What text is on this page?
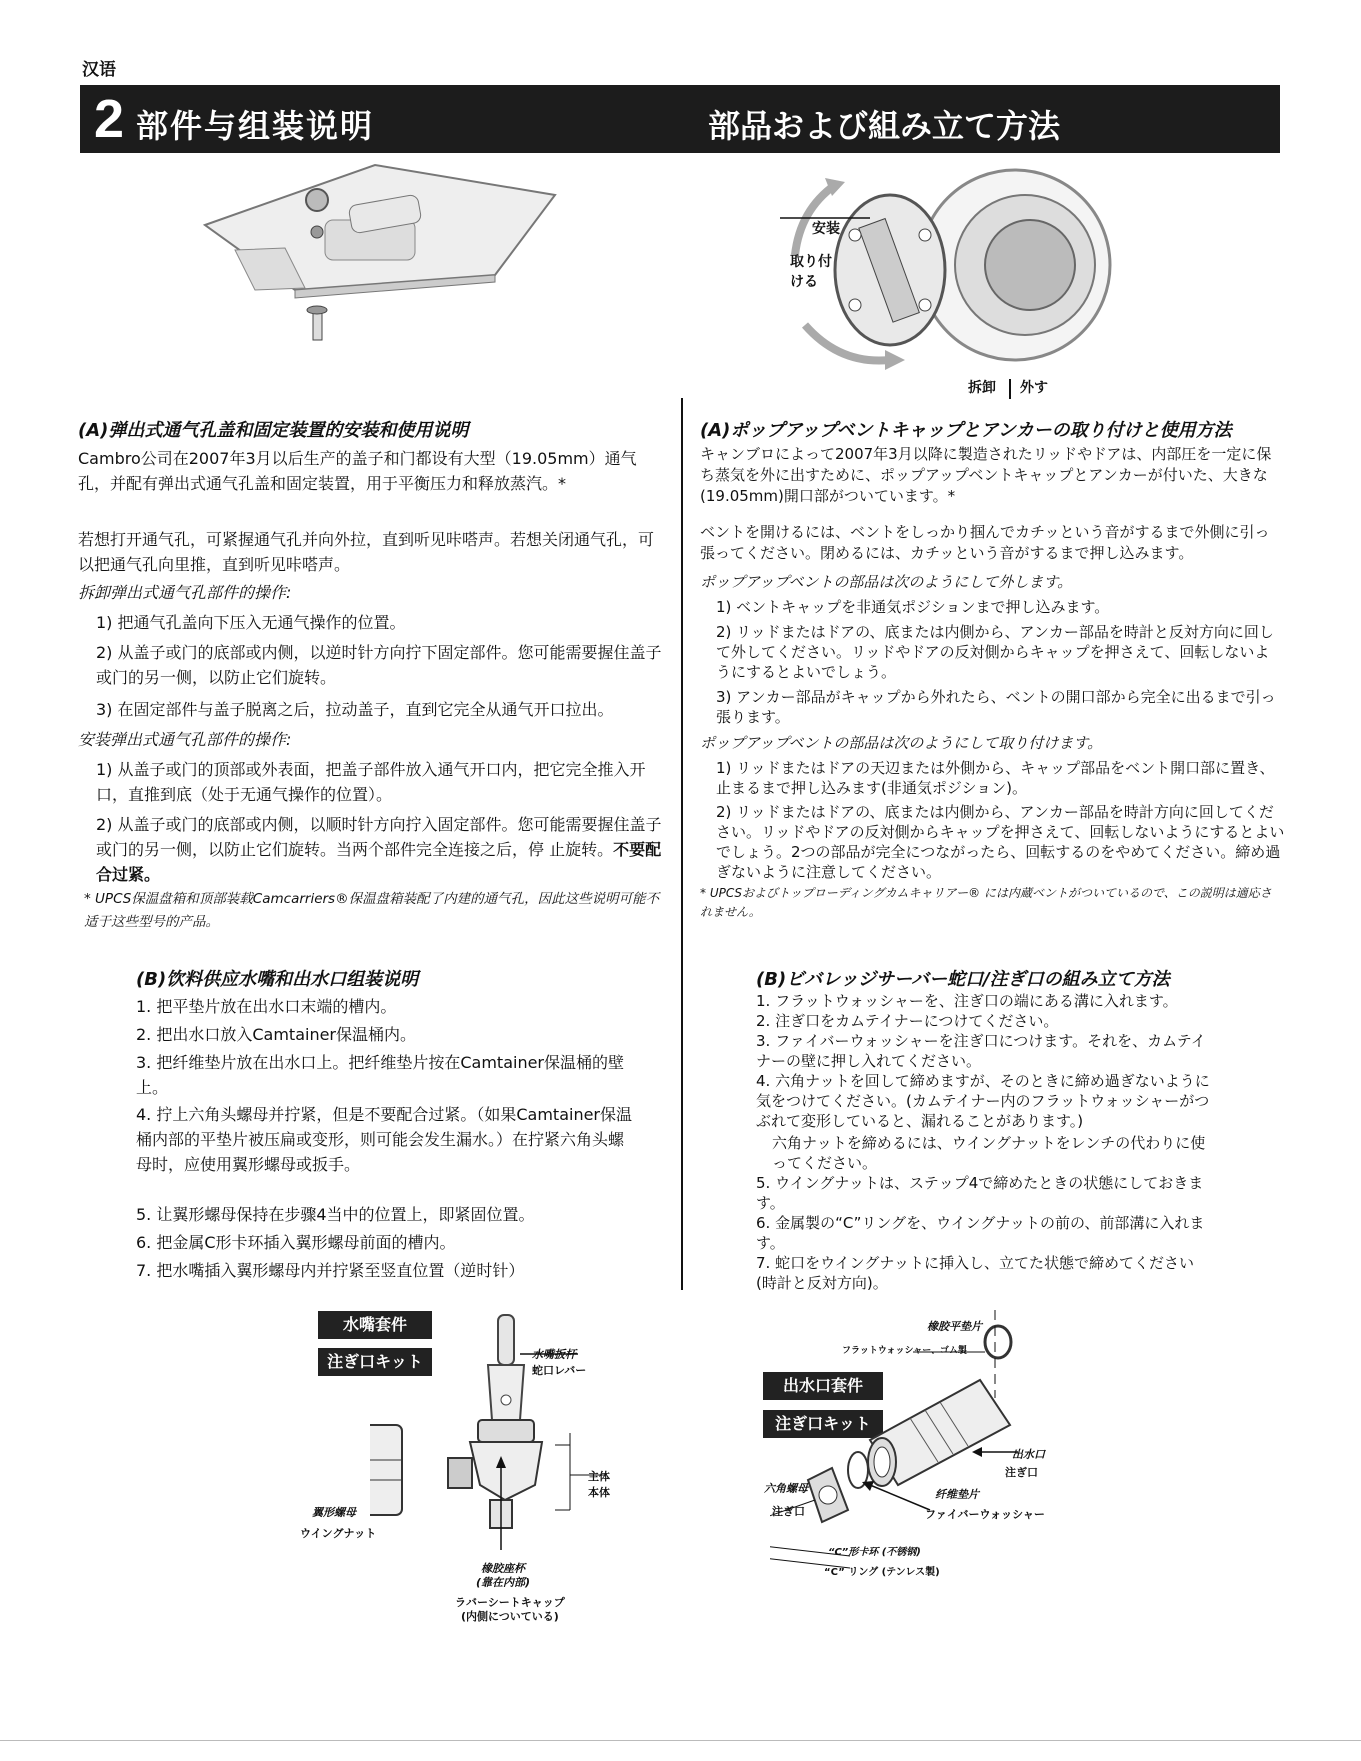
汉语
2 部件与组装说明	部品および組み立て方法
安装
取り付
ける
拆卸 外す
(A)弹出式通气孔盖和固定装置的安装和使用说明
Cambro公司在2007年3月以后生产的盖子和门都设有大型（19.05mm）通气孔，并配有弹出式通气孔盖和固定装置，用于平衡压力和释放蒸汽。*
若想打开通气孔，可紧握通气孔并向外拉，直到听见咔嗒声。若想关闭通气孔，可以把通气孔向里推，直到听见咔嗒声。
拆卸弹出式通气孔部件的操作:
1) 把通气孔盖向下压入无通气操作的位置。
2) 从盖子或门的底部或内侧，以逆时针方向拧下固定部件。您可能需要握住盖子或门的另一侧，以防止它们旋转。
3) 在固定部件与盖子脱离之后，拉动盖子，直到它完全从通气开口拉出。
安装弹出式通气孔部件的操作:
1) 从盖子或门的顶部或外表面，把盖子部件放入通气开口内，把它完全推入开口，直推到底（处于无通气操作的位置）。
2) 从盖子或门的底部或内侧，以顺时针方向拧入固定部件。您可能需要握住盖子或门的另一侧，以防止它们旋转。当两个部件完全连接之后，停 止旋转。不要配合过紧。
* UPCS保温盘箱和顶部装载Camcarriers®保温盘箱装配了内建的通气孔，因此这些说明可能不适于这些型号的产品。
(A)ポップアップベントキャップとアンカーの取り付けと使用方法
キャンブロによって2007年3月以降に製造されたリッドやドアは、内部圧を一定に保ち蒸気を外に出すために、ポップアップベントキャップとアンカーが付いた、大きな(19.05mm)開口部がついています。*
ベントを開けるには、ベントをしっかり掴んでカチッという音がするまで外側に引っ張ってください。閉めるには、カチッという音がするまで押し込みます。
ポップアップベントの部品は次のようにして外します。
1) ベントキャップを非通気ポジションまで押し込みます。
2) リッドまたはドアの、底または内側から、アンカー部品を時計と反対方向に回して外してください。リッドやドアの反対側からキャップを押さえて、回転しないようにするとよいでしょう。
3) アンカー部品がキャップから外れたら、ベントの開口部から完全に出るまで引っ張ります。
ポップアップベントの部品は次のようにして取り付けます。
1) リッドまたはドアの天辺または外側から、キャップ部品をベント開口部に置き、止まるまで押し込みます(非通気ポジション)。
2) リッドまたはドアの、底または内側から、アンカー部品を時計方向に回してください。リッドやドアの反対側からキャップを押さえて、回転しないようにするとよいでしょう。2つの部品が完全につながったら、回転するのをやめてください。締め過ぎないように注意してください。
* UPCSおよびトップローディングカムキャリアー® には内蔵ベントがついているので、この説明は適応されません。
(B)饮料供应水嘴和出水口组装说明
1. 把平垫片放在出水口末端的槽内。
2. 把出水口放入Camtainer保温桶内。
3. 把纤维垫片放在出水口上。把纤维垫片按在Camtainer保温桶的壁上。
4. 拧上六角头螺母并拧紧，但是不要配合过紧。（如果Camtainer保温桶内部的平垫片被压扁或变形，则可能会发生漏水。）在拧紧六角头螺母时，应使用翼形螺母或扳手。
5. 让翼形螺母保持在步骤4当中的位置上，即紧固位置。
6. 把金属C形卡环插入翼形螺母前面的槽内。
7. 把水嘴插入翼形螺母内并拧紧至竖直位置（逆时针）
(B)ビバレッジサーバー蛇口/注ぎ口の組み立て方法
1. フラットウォッシャーを、注ぎ口の端にある溝に入れます。
2. 注ぎ口をカムテイナーにつけてください。
3. ファイバーウォッシャーを注ぎ口につけます。それを、カムテイナーの壁に押し入れてください。
4. 六角ナットを回して締めますが、そのときに締め過ぎないように気をつけてください。(カムテイナー内のフラットウォッシャーがつぶれて変形していると、漏れることがあります。)
六角ナットを締めるには、ウイングナットをレンチの代わりに使ってください。
5. ウイングナットは、ステップ4で締めたときの状態にしておきます。
6. 金属製の“C”リングを、ウイングナットの前の、前部溝に入れます。
7. 蛇口をウイングナットに挿入し、立てた状態で締めてください (時計と反対方向)。
水嘴套件
注ぎ口キット	水嘴扳杆
蛇口レバー
主体
本体
翼形螺母
ウイングナット
橡胶座杯
(靠在内部)
ラバーシートキャップ
(内側についている)
出水口套件
注ぎ口キット
橡胶平垫片
フラットウォッシャー、ゴム製
出水口
注ぎ口
纤维垫片
ファイバーウォッシャー
六角螺母
注ぎ口
“C”形卡环 (不锈钢)
“C” リング (テンレス製)
